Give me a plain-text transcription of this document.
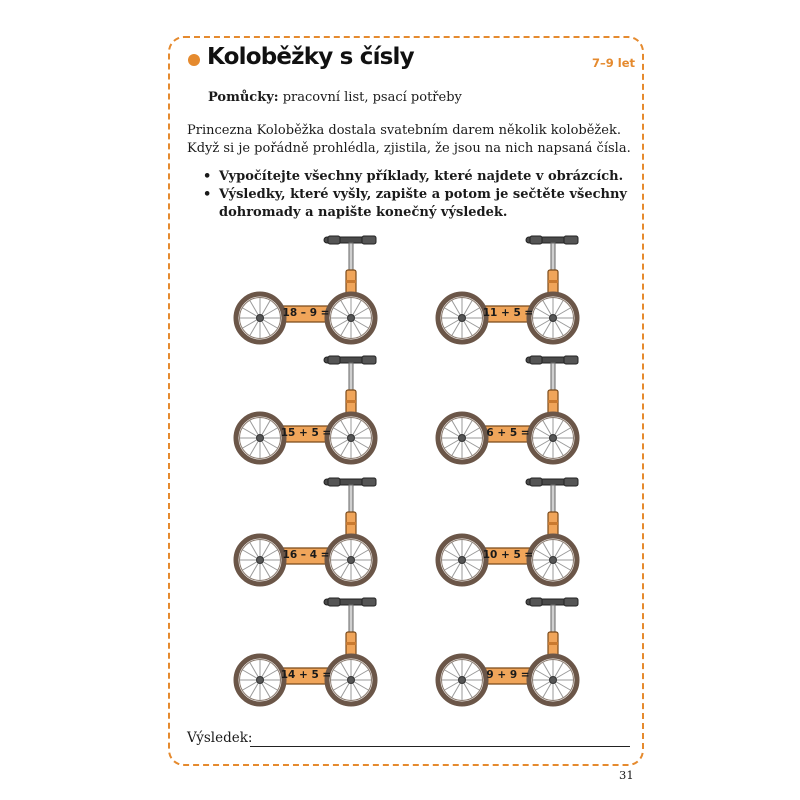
Koloběžky s čísly	7–9 let
Pomůcky: pracovní list, psací potřeby
Princezna Koloběžka dostala svatebním darem několik koloběžek.
Když si je pořádně prohlédla, zjistila, že jsou na nich napsaná čísla.
• Vypočítejte všechny příklady, které najdete v obrázcích.
• Výsledky, které vyšly, zapište a potom je sečtěte všechny
dohromady a napište konečný výsledek.
18 – 9 =	11 + 5 =
15 + 5 =	6 + 5 =
16 – 4 =	10 + 5 =
14 + 5 =	9 + 9 =
Výsledek:
31
